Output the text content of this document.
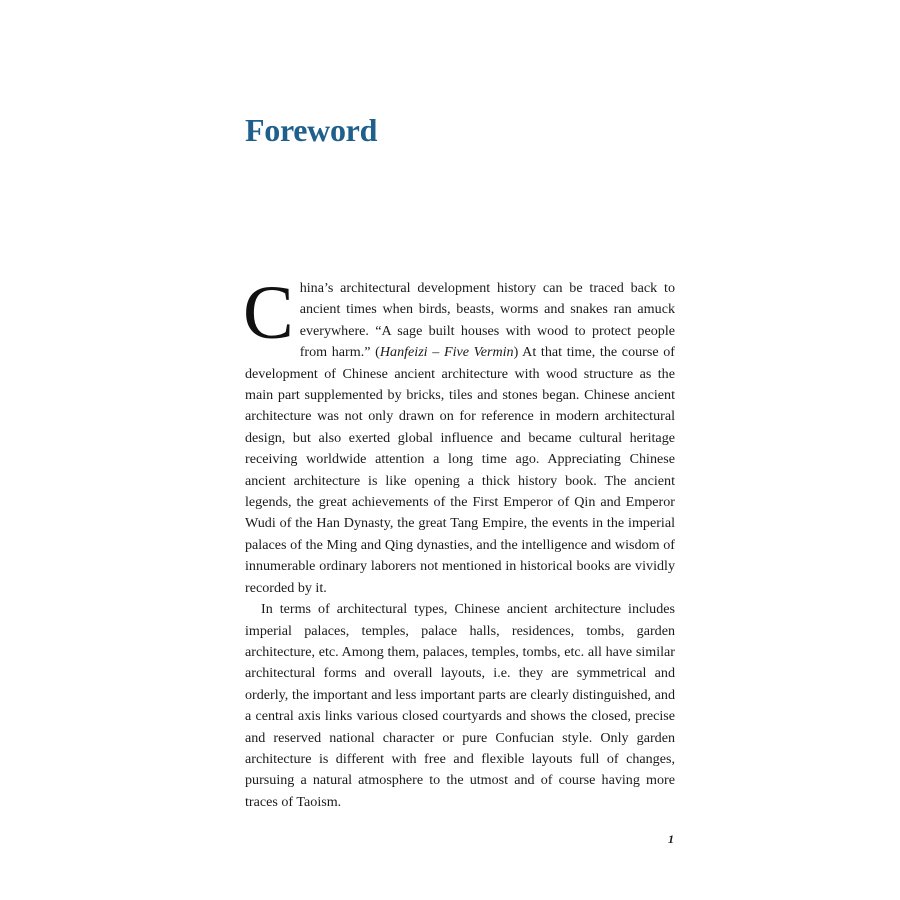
Foreword

China’s architectural development history can be traced back to ancient times when birds, beasts, worms and snakes ran amuck everywhere. “A sage built houses with wood to protect people from harm.” (Hanfeizi – Five Vermin) At that time, the course of development of Chinese ancient architecture with wood structure as the main part supplemented by bricks, tiles and stones began. Chinese ancient architecture was not only drawn on for reference in modern architectural design, but also exerted global influence and became cultural heritage receiving worldwide attention a long time ago. Appreciating Chinese ancient architecture is like opening a thick history book. The ancient legends, the great achievements of the First Emperor of Qin and Emperor Wudi of the Han Dynasty, the great Tang Empire, the events in the imperial palaces of the Ming and Qing dynasties, and the intelligence and wisdom of innumerable ordinary laborers not mentioned in historical books are vividly recorded by it.

In terms of architectural types, Chinese ancient architecture includes imperial palaces, temples, palace halls, residences, tombs, garden architecture, etc. Among them, palaces, temples, tombs, etc. all have similar architectural forms and overall layouts, i.e. they are symmetrical and orderly, the important and less important parts are clearly distinguished, and a central axis links various closed courtyards and shows the closed, precise and reserved national character or pure Confucian style. Only garden architecture is different with free and flexible layouts full of changes, pursuing a natural atmosphere to the utmost and of course having more traces of Taoism.

1
